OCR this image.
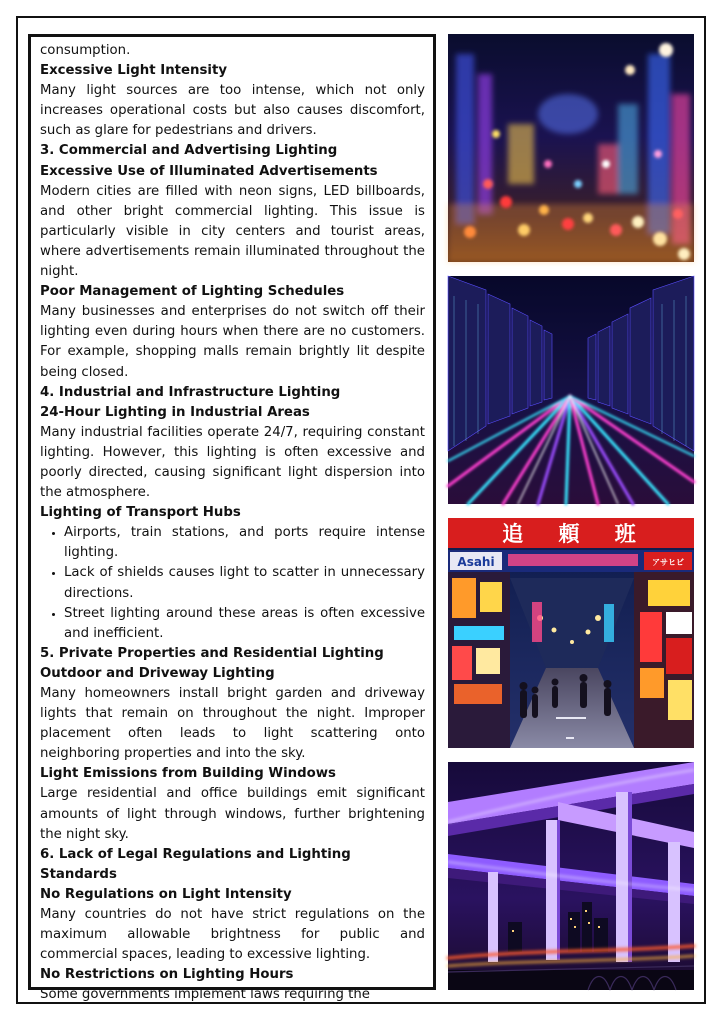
consumption.

Excessive Light Intensity

Many light sources are too intense, which not only increases operational costs but also causes discomfort, such as glare for pedestrians and drivers.

3. Commercial and Advertising Lighting
Excessive Use of Illuminated Advertisements

Modern cities are filled with neon signs, LED billboards, and other bright commercial lighting. This issue is particularly visible in city centers and tourist areas, where advertisements remain illuminated throughout the night.

Poor Management of Lighting Schedules

Many businesses and enterprises do not switch off their lighting even during hours when there are no customers. For example, shopping malls remain brightly lit despite being closed.

4. Industrial and Infrastructure Lighting
24-Hour Lighting in Industrial Areas

Many industrial facilities operate 24/7, requiring constant lighting. However, this lighting is often excessive and poorly directed, causing significant light dispersion into the atmosphere.

Lighting of Transport Hubs
• Airports, train stations, and ports require intense lighting.
• Lack of shields causes light to scatter in unnecessary directions.
• Street lighting around these areas is often excessive and inefficient.
5. Private Properties and Residential Lighting
Outdoor and Driveway Lighting

Many homeowners install bright garden and driveway lights that remain on throughout the night. Improper placement often leads to light scattering onto neighboring properties and into the sky.

Light Emissions from Building Windows

Large residential and office buildings emit significant amounts of light through windows, further brightening the night sky.

6. Lack of Legal Regulations and Lighting Standards
No Regulations on Light Intensity

Many countries do not have strict regulations on the maximum allowable brightness for public and commercial spaces, leading to excessive lighting.

No Restrictions on Lighting Hours

Some governments implement laws requiring the

追 頼 班
Asahi	アサヒビ
